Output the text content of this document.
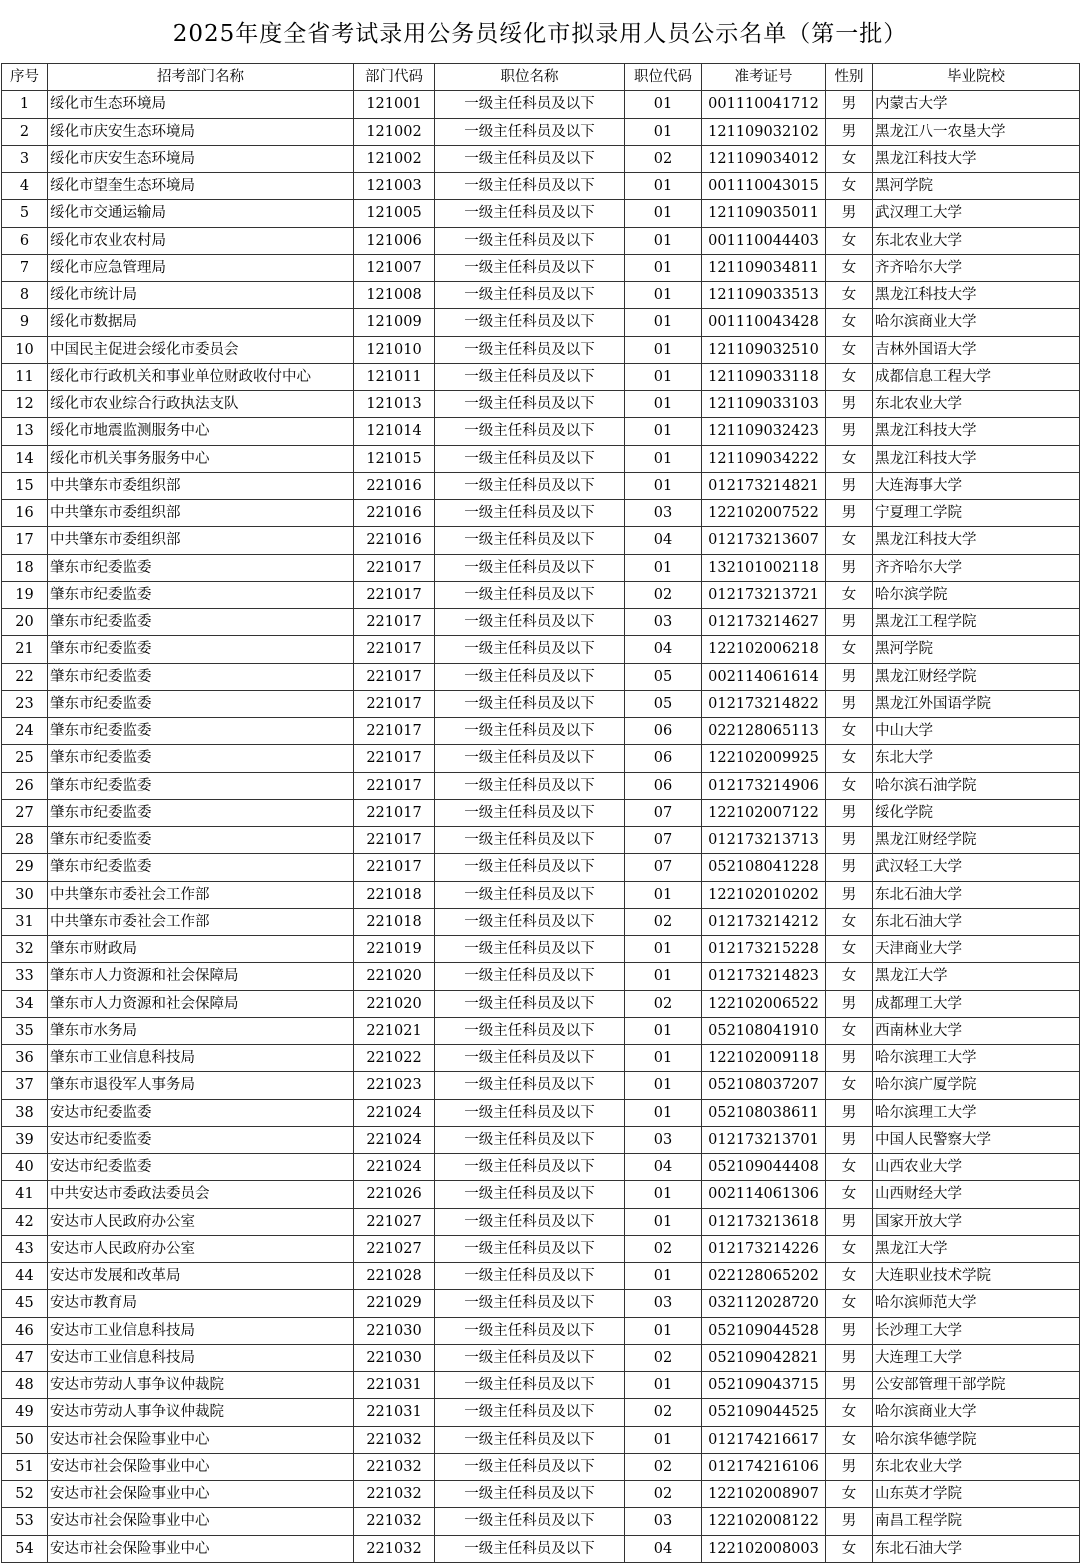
2025年度全省考试录用公务员绥化市拟录用人员公示名单（第一批）
序号	招考部门名称	部门代码	职位名称	职位代码	准考证号	性别	毕业院校
1	绥化市生态环境局	121001	一级主任科员及以下	01	001110041712	男	内蒙古大学
2	绥化市庆安生态环境局	121002	一级主任科员及以下	01	121109032102	男	黑龙江八一农垦大学
3	绥化市庆安生态环境局	121002	一级主任科员及以下	02	121109034012	女	黑龙江科技大学
4	绥化市望奎生态环境局	121003	一级主任科员及以下	01	001110043015	女	黑河学院
5	绥化市交通运输局	121005	一级主任科员及以下	01	121109035011	男	武汉理工大学
6	绥化市农业农村局	121006	一级主任科员及以下	01	001110044403	女	东北农业大学
7	绥化市应急管理局	121007	一级主任科员及以下	01	121109034811	女	齐齐哈尔大学
8	绥化市统计局	121008	一级主任科员及以下	01	121109033513	女	黑龙江科技大学
9	绥化市数据局	121009	一级主任科员及以下	01	001110043428	女	哈尔滨商业大学
10	中国民主促进会绥化市委员会	121010	一级主任科员及以下	01	121109032510	女	吉林外国语大学
11	绥化市行政机关和事业单位财政收付中心	121011	一级主任科员及以下	01	121109033118	女	成都信息工程大学
12	绥化市农业综合行政执法支队	121013	一级主任科员及以下	01	121109033103	男	东北农业大学
13	绥化市地震监测服务中心	121014	一级主任科员及以下	01	121109032423	男	黑龙江科技大学
14	绥化市机关事务服务中心	121015	一级主任科员及以下	01	121109034222	女	黑龙江科技大学
15	中共肇东市委组织部	221016	一级主任科员及以下	01	012173214821	男	大连海事大学
16	中共肇东市委组织部	221016	一级主任科员及以下	03	122102007522	男	宁夏理工学院
17	中共肇东市委组织部	221016	一级主任科员及以下	04	012173213607	女	黑龙江科技大学
18	肇东市纪委监委	221017	一级主任科员及以下	01	132101002118	男	齐齐哈尔大学
19	肇东市纪委监委	221017	一级主任科员及以下	02	012173213721	女	哈尔滨学院
20	肇东市纪委监委	221017	一级主任科员及以下	03	012173214627	男	黑龙江工程学院
21	肇东市纪委监委	221017	一级主任科员及以下	04	122102006218	女	黑河学院
22	肇东市纪委监委	221017	一级主任科员及以下	05	002114061614	男	黑龙江财经学院
23	肇东市纪委监委	221017	一级主任科员及以下	05	012173214822	男	黑龙江外国语学院
24	肇东市纪委监委	221017	一级主任科员及以下	06	022128065113	女	中山大学
25	肇东市纪委监委	221017	一级主任科员及以下	06	122102009925	女	东北大学
26	肇东市纪委监委	221017	一级主任科员及以下	06	012173214906	女	哈尔滨石油学院
27	肇东市纪委监委	221017	一级主任科员及以下	07	122102007122	男	绥化学院
28	肇东市纪委监委	221017	一级主任科员及以下	07	012173213713	男	黑龙江财经学院
29	肇东市纪委监委	221017	一级主任科员及以下	07	052108041228	男	武汉轻工大学
30	中共肇东市委社会工作部	221018	一级主任科员及以下	01	122102010202	男	东北石油大学
31	中共肇东市委社会工作部	221018	一级主任科员及以下	02	012173214212	女	东北石油大学
32	肇东市财政局	221019	一级主任科员及以下	01	012173215228	女	天津商业大学
33	肇东市人力资源和社会保障局	221020	一级主任科员及以下	01	012173214823	女	黑龙江大学
34	肇东市人力资源和社会保障局	221020	一级主任科员及以下	02	122102006522	男	成都理工大学
35	肇东市水务局	221021	一级主任科员及以下	01	052108041910	女	西南林业大学
36	肇东市工业信息科技局	221022	一级主任科员及以下	01	122102009118	男	哈尔滨理工大学
37	肇东市退役军人事务局	221023	一级主任科员及以下	01	052108037207	女	哈尔滨广厦学院
38	安达市纪委监委	221024	一级主任科员及以下	01	052108038611	男	哈尔滨理工大学
39	安达市纪委监委	221024	一级主任科员及以下	03	012173213701	男	中国人民警察大学
40	安达市纪委监委	221024	一级主任科员及以下	04	052109044408	女	山西农业大学
41	中共安达市委政法委员会	221026	一级主任科员及以下	01	002114061306	女	山西财经大学
42	安达市人民政府办公室	221027	一级主任科员及以下	01	012173213618	男	国家开放大学
43	安达市人民政府办公室	221027	一级主任科员及以下	02	012173214226	女	黑龙江大学
44	安达市发展和改革局	221028	一级主任科员及以下	01	022128065202	女	大连职业技术学院
45	安达市教育局	221029	一级主任科员及以下	03	032112028720	女	哈尔滨师范大学
46	安达市工业信息科技局	221030	一级主任科员及以下	01	052109044528	男	长沙理工大学
47	安达市工业信息科技局	221030	一级主任科员及以下	02	052109042821	男	大连理工大学
48	安达市劳动人事争议仲裁院	221031	一级主任科员及以下	01	052109043715	男	公安部管理干部学院
49	安达市劳动人事争议仲裁院	221031	一级主任科员及以下	02	052109044525	女	哈尔滨商业大学
50	安达市社会保险事业中心	221032	一级主任科员及以下	01	012174216617	女	哈尔滨华德学院
51	安达市社会保险事业中心	221032	一级主任科员及以下	02	012174216106	男	东北农业大学
52	安达市社会保险事业中心	221032	一级主任科员及以下	02	122102008907	女	山东英才学院
53	安达市社会保险事业中心	221032	一级主任科员及以下	03	122102008122	男	南昌工程学院
54	安达市社会保险事业中心	221032	一级主任科员及以下	04	122102008003	女	东北石油大学
